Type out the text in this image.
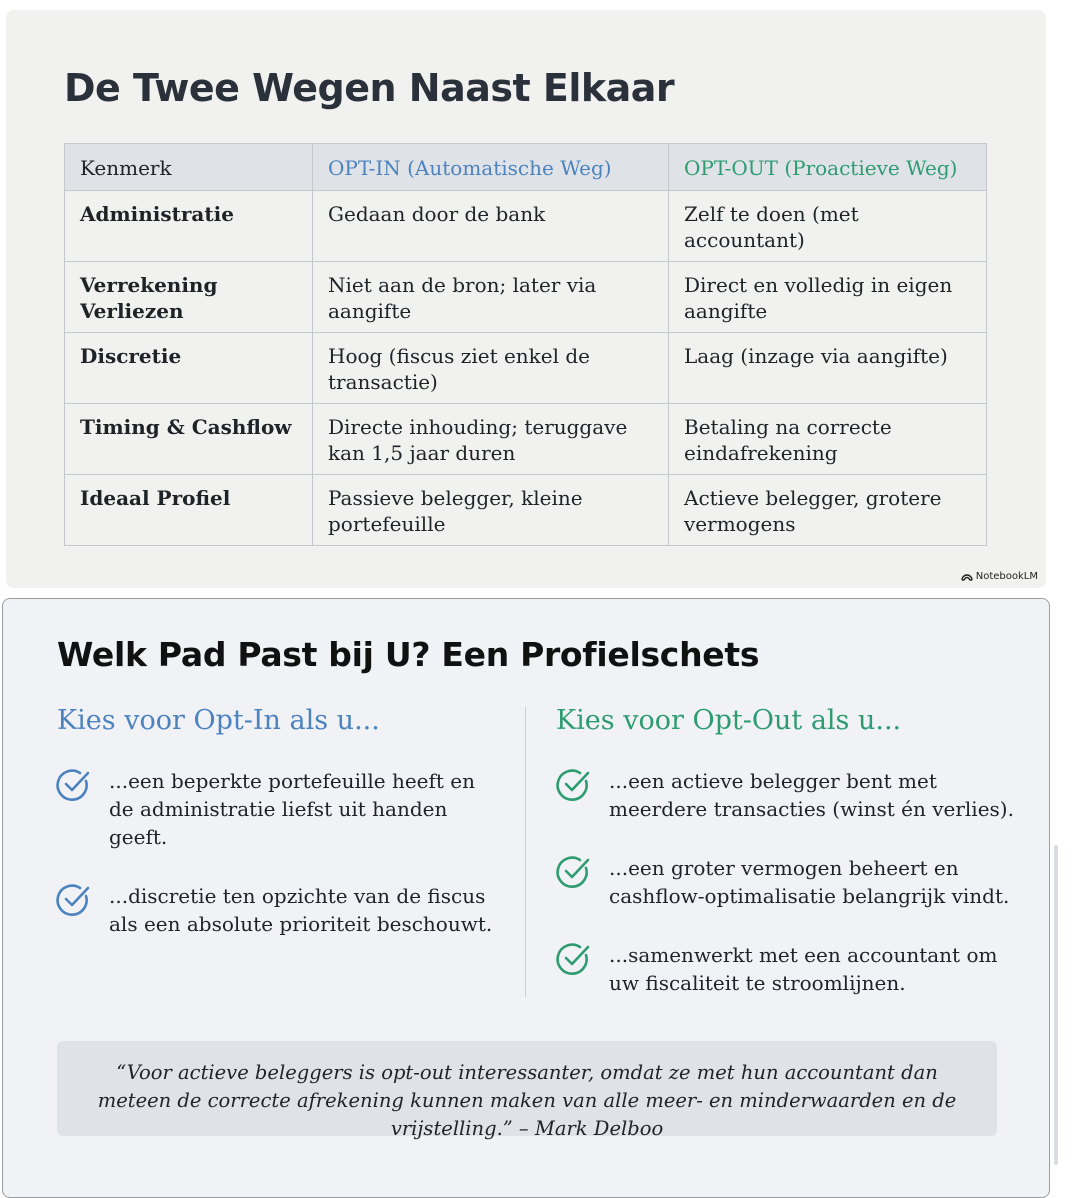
De Twee Wegen Naast Elkaar
Kenmerk	OPT-IN (Automatische Weg)	OPT-OUT (Proactieve Weg)
Administratie	Gedaan door de bank	Zelf te doen (met accountant)
Verrekening Verliezen	Niet aan de bron; later via aangifte	Direct en volledig in eigen aangifte
Discretie	Hoog (fiscus ziet enkel de transactie)	Laag (inzage via aangifte)
Timing & Cashflow	Directe inhouding; teruggave kan 1,5 jaar duren	Betaling na correcte eindafrekening
Ideaal Profiel	Passieve belegger, kleine portefeuille	Actieve belegger, grotere vermogens
NotebookLM
Welk Pad Past bij U? Een Profielschets
Kies voor Opt-In als u...	Kies voor Opt-Out als u...
...een beperkte portefeuille heeft en de administratie liefst uit handen geeft.
...discretie ten opzichte van de fiscus als een absolute prioriteit beschouwt.
...een actieve belegger bent met meerdere transacties (winst én verlies).
...een groter vermogen beheert en cashflow-optimalisatie belangrijk vindt.
...samenwerkt met een accountant om uw fiscaliteit te stroomlijnen.
“Voor actieve beleggers is opt-out interessanter, omdat ze met hun accountant dan meteen de correcte afrekening kunnen maken van alle meer- en minderwaarden en de vrijstelling.” – Mark Delboo
